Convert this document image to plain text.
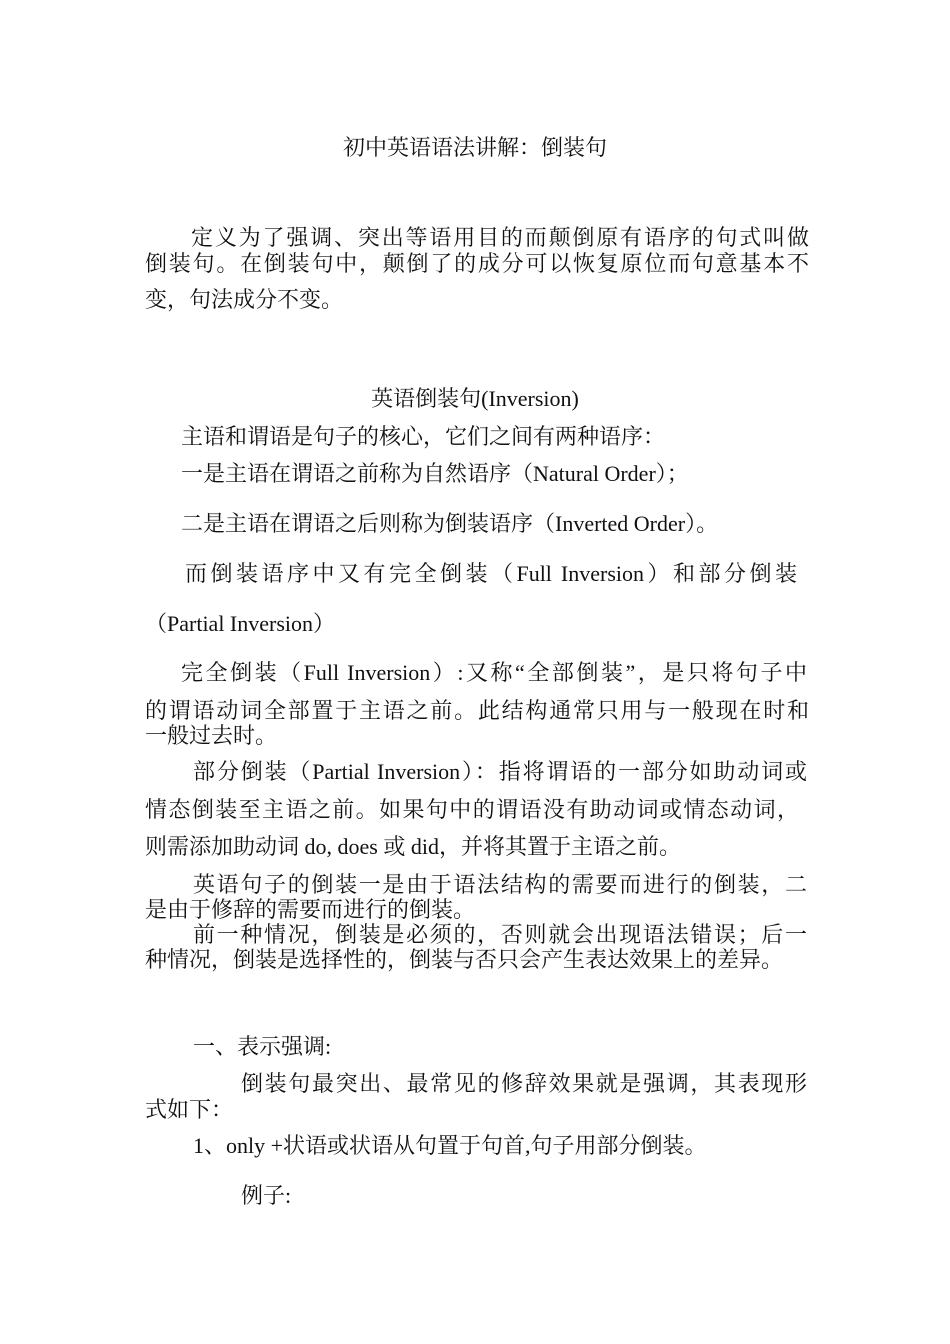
初中英语语法讲解：倒装句
定义为了强调、突出等语用目的而颠倒原有语序的句式叫做
倒装句。在倒装句中，颠倒了的成分可以恢复原位而句意基本不
变，句法成分不变。
英语倒装句(Inversion)
主语和谓语是句子的核心，它们之间有两种语序：
一是主语在谓语之前称为自然语序（Natural Order）；
二是主语在谓语之后则称为倒装语序（Inverted Order）。
而倒装语序中又有完全倒装（Full Inversion）和部分倒装
（Partial Inversion）
完全倒装（Full Inversion）:又称“全部倒装”，是只将句子中
的谓语动词全部置于主语之前。此结构通常只用与一般现在时和
一般过去时。
部分倒装（Partial Inversion）：指将谓语的一部分如助动词或
情态倒装至主语之前。如果句中的谓语没有助动词或情态动词，
则需添加助动词 do, does 或 did，并将其置于主语之前。
英语句子的倒装一是由于语法结构的需要而进行的倒装，二
是由于修辞的需要而进行的倒装。
前一种情况，倒装是必须的，否则就会出现语法错误；后一
种情况，倒装是选择性的，倒装与否只会产生表达效果上的差异。
一、表示强调:
倒装句最突出、最常见的修辞效果就是强调，其表现形
式如下：
1、only +状语或状语从句置于句首,句子用部分倒装。
例子:
